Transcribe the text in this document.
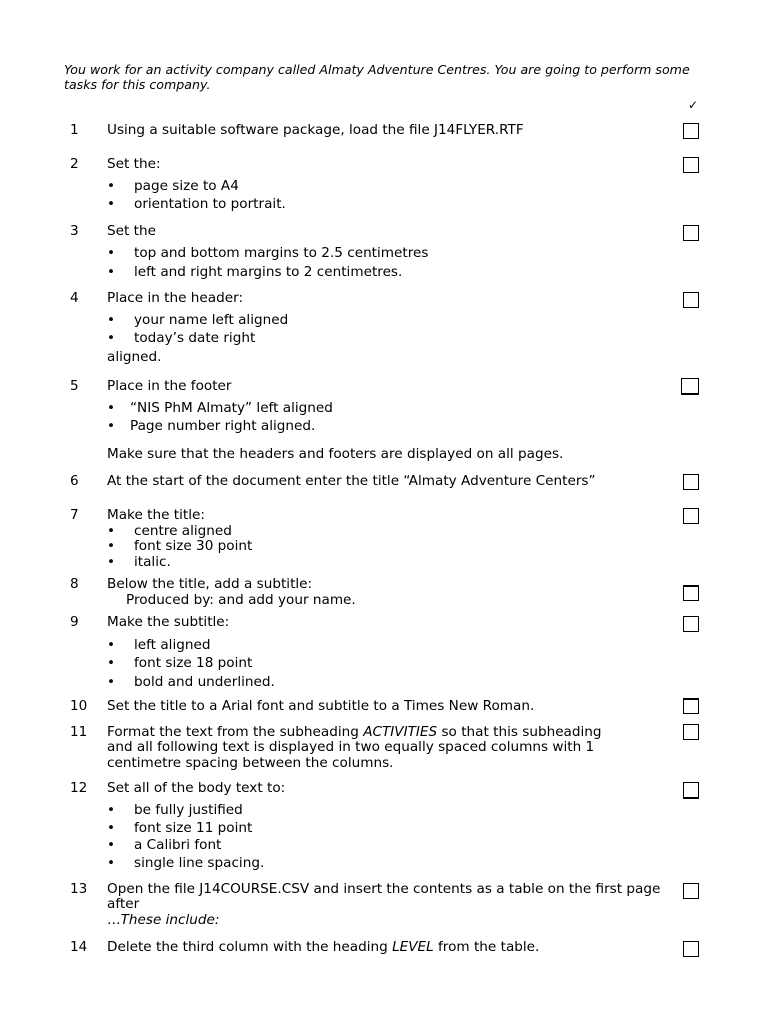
You work for an activity company called Almaty Adventure Centres. You are going to perform some tasks for this company.
✓
1 Using a suitable software package, load the file J14FLYER.RTF
2 Set the:
• page size to A4
• orientation to portrait.
3 Set the
• top and bottom margins to 2.5 centimetres
• left and right margins to 2 centimetres.
4 Place in the header:
• your name left aligned
• today’s date right
aligned.
5 Place in the footer
• “NIS PhM Almaty” left aligned
• Page number right aligned.
Make sure that the headers and footers are displayed on all pages.
6 At the start of the document enter the title “Almaty Adventure Centers”
7 Make the title:
• centre aligned
• font size 30 point
• italic.
8 Below the title, add a subtitle:
Produced by: and add your name.
9 Make the subtitle:
• left aligned
• font size 18 point
• bold and underlined.
10 Set the title to a Arial font and subtitle to a Times New Roman.
11 Format the text from the subheading ACTIVITIES so that this subheading
and all following text is displayed in two equally spaced columns with 1
centimetre spacing between the columns.
12 Set all of the body text to:
• be fully justified
• font size 11 point
• a Calibri font
• single line spacing.
13 Open the file J14COURSE.CSV and insert the contents as a table on the first page
after
…These include:
14 Delete the third column with the heading LEVEL from the table.
